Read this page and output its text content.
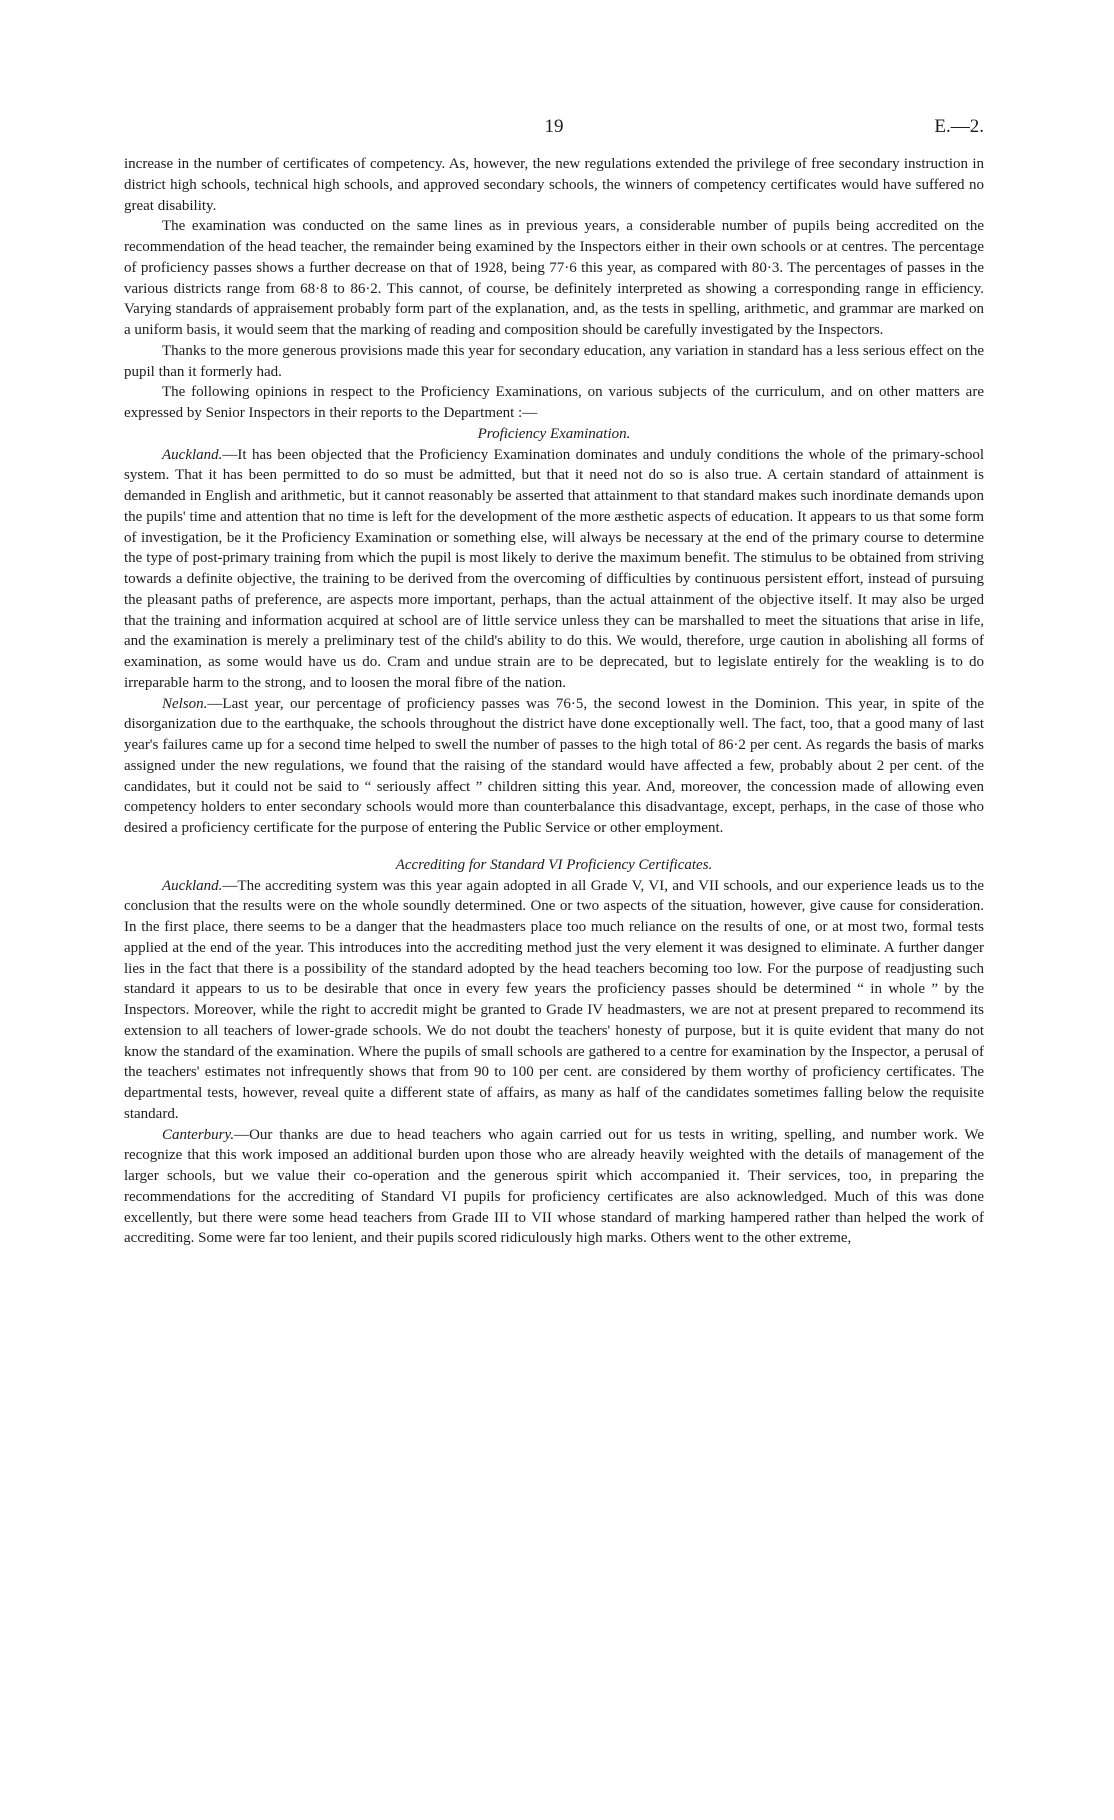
19	E.—2.

increase in the number of certificates of competency. As, however, the new regulations extended the privilege of free secondary instruction in district high schools, technical high schools, and approved secondary schools, the winners of competency certificates would have suffered no great disability.

The examination was conducted on the same lines as in previous years, a considerable number of pupils being accredited on the recommendation of the head teacher, the remainder being examined by the Inspectors either in their own schools or at centres. The percentage of proficiency passes shows a further decrease on that of 1928, being 77·6 this year, as compared with 80·3. The percentages of passes in the various districts range from 68·8 to 86·2. This cannot, of course, be definitely interpreted as showing a corresponding range in efficiency. Varying standards of appraisement probably form part of the explanation, and, as the tests in spelling, arithmetic, and grammar are marked on a uniform basis, it would seem that the marking of reading and composition should be carefully investigated by the Inspectors.

Thanks to the more generous provisions made this year for secondary education, any variation in standard has a less serious effect on the pupil than it formerly had.

The following opinions in respect to the Proficiency Examinations, on various subjects of the curriculum, and on other matters are expressed by Senior Inspectors in their reports to the Department :—

Proficiency Examination.

Auckland.—It has been objected that the Proficiency Examination dominates and unduly conditions the whole of the primary-school system. That it has been permitted to do so must be admitted, but that it need not do so is also true. A certain standard of attainment is demanded in English and arithmetic, but it cannot reasonably be asserted that attainment to that standard makes such inordinate demands upon the pupils' time and attention that no time is left for the development of the more æsthetic aspects of education. It appears to us that some form of investigation, be it the Proficiency Examination or something else, will always be necessary at the end of the primary course to determine the type of post-primary training from which the pupil is most likely to derive the maximum benefit. The stimulus to be obtained from striving towards a definite objective, the training to be derived from the overcoming of difficulties by continuous persistent effort, instead of pursuing the pleasant paths of preference, are aspects more important, perhaps, than the actual attainment of the objective itself. It may also be urged that the training and information acquired at school are of little service unless they can be marshalled to meet the situations that arise in life, and the examination is merely a preliminary test of the child's ability to do this. We would, therefore, urge caution in abolishing all forms of examination, as some would have us do. Cram and undue strain are to be deprecated, but to legislate entirely for the weakling is to do irreparable harm to the strong, and to loosen the moral fibre of the nation.

Nelson.—Last year, our percentage of proficiency passes was 76·5, the second lowest in the Dominion. This year, in spite of the disorganization due to the earthquake, the schools throughout the district have done exceptionally well. The fact, too, that a good many of last year's failures came up for a second time helped to swell the number of passes to the high total of 86·2 per cent. As regards the basis of marks assigned under the new regulations, we found that the raising of the standard would have affected a few, probably about 2 per cent. of the candidates, but it could not be said to “ seriously affect ” children sitting this year. And, moreover, the concession made of allowing even competency holders to enter secondary schools would more than counterbalance this disadvantage, except, perhaps, in the case of those who desired a proficiency certificate for the purpose of entering the Public Service or other employment.

Accrediting for Standard VI Proficiency Certificates.

Auckland.—The accrediting system was this year again adopted in all Grade V, VI, and VII schools, and our experience leads us to the conclusion that the results were on the whole soundly determined. One or two aspects of the situation, however, give cause for consideration. In the first place, there seems to be a danger that the headmasters place too much reliance on the results of one, or at most two, formal tests applied at the end of the year. This introduces into the accrediting method just the very element it was designed to eliminate. A further danger lies in the fact that there is a possibility of the standard adopted by the head teachers becoming too low. For the purpose of readjusting such standard it appears to us to be desirable that once in every few years the proficiency passes should be determined “ in whole ” by the Inspectors. Moreover, while the right to accredit might be granted to Grade IV headmasters, we are not at present prepared to recommend its extension to all teachers of lower-grade schools. We do not doubt the teachers' honesty of purpose, but it is quite evident that many do not know the standard of the examination. Where the pupils of small schools are gathered to a centre for examination by the Inspector, a perusal of the teachers' estimates not infrequently shows that from 90 to 100 per cent. are considered by them worthy of proficiency certificates. The departmental tests, however, reveal quite a different state of affairs, as many as half of the candidates sometimes falling below the requisite standard.

Canterbury.—Our thanks are due to head teachers who again carried out for us tests in writing, spelling, and number work. We recognize that this work imposed an additional burden upon those who are already heavily weighted with the details of management of the larger schools, but we value their co-operation and the generous spirit which accompanied it. Their services, too, in preparing the recommendations for the accrediting of Standard VI pupils for proficiency certificates are also acknowledged. Much of this was done excellently, but there were some head teachers from Grade III to VII whose standard of marking hampered rather than helped the work of accrediting. Some were far too lenient, and their pupils scored ridiculously high marks. Others went to the other extreme,
